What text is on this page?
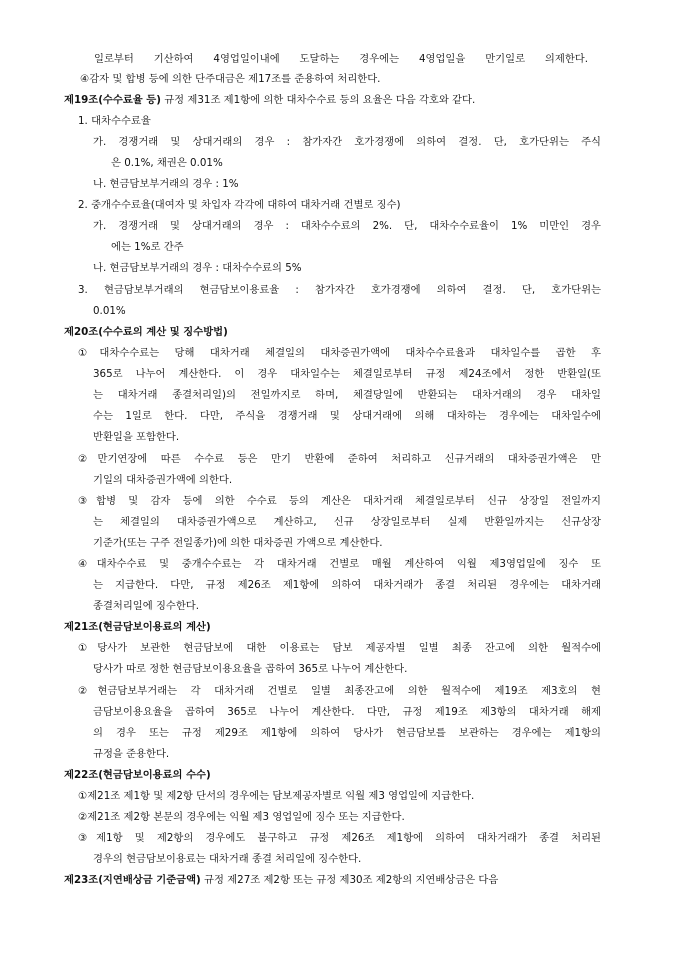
일로부터 기산하여 4영업일이내에 도달하는 경우에는 4영업일을 만기일로 의제한다.
④감자 및 합병 등에 의한 단주대금은 제17조를 준용하여 처리한다.
제19조(수수료율 등) 규정 제31조 제1항에 의한 대차수수료 등의 요율은 다음 각호와 같다.
1. 대차수수료율
가. 경쟁거래 및 상대거래의 경우 : 참가자간 호가경쟁에 의하여 결정. 단, 호가단위는 주식
은 0.1%, 채권은 0.01%
나. 현금담보부거래의 경우 : 1%
2. 중개수수료율(대여자 및 차입자 각각에 대하여 대차거래 건별로 징수)
가. 경쟁거래 및 상대거래의 경우 : 대차수수료의 2%. 단, 대차수수료율이 1% 미만인 경우
에는 1%로 간주
나. 현금담보부거래의 경우 : 대차수수료의 5%
3. 현금담보부거래의 현금담보이용료율 : 참가자간 호가경쟁에 의하여 결정. 단, 호가단위는
0.01%
제20조(수수료의 계산 및 징수방법)
①대차수수료는 당해 대차거래 체결일의 대차증권가액에 대차수수료율과 대차일수를 곱한 후
365로 나누어 계산한다. 이 경우 대차일수는 체결일로부터 규정 제24조에서 정한 반환일(또
는 대차거래 종결처리일)의 전일까지로 하며, 체결당일에 반환되는 대차거래의 경우 대차일
수는 1일로 한다. 다만, 주식을 경쟁거래 및 상대거래에 의해 대차하는 경우에는 대차일수에
반환일을 포함한다.
②만기연장에 따른 수수료 등은 만기 반환에 준하여 처리하고 신규거래의 대차증권가액은 만
기일의 대차증권가액에 의한다.
③합병 및 감자 등에 의한 수수료 등의 계산은 대차거래 체결일로부터 신규 상장일 전일까지
는 체결일의 대차증권가액으로 계산하고, 신규 상장일로부터 실제 반환일까지는 신규상장
기준가(또는 구주 전일종가)에 의한 대차증권 가액으로 계산한다.
④대차수수료 및 중개수수료는 각 대차거래 건별로 매월 계산하여 익월 제3영업일에 징수 또
는 지급한다. 다만, 규정 제26조 제1항에 의하여 대차거래가 종결 처리된 경우에는 대차거래
종결처리일에 징수한다.
제21조(현금담보이용료의 계산)
①당사가 보관한 현금담보에 대한 이용료는 담보 제공자별 일별 최종 잔고에 의한 월적수에
당사가 따로 정한 현금담보이용요율을 곱하여 365로 나누어 계산한다.
②현금담보부거래는 각 대차거래 건별로 일별 최종잔고에 의한 월적수에 제19조 제3호의 현
금담보이용요율을 곱하여 365로 나누어 계산한다. 다만, 규정 제19조 제3항의 대차거래 해제
의 경우 또는 규정 제29조 제1항에 의하여 당사가 현금담보를 보관하는 경우에는 제1항의
규정을 준용한다.
제22조(현금담보이용료의 수수)
①제21조 제1항 및 제2항 단서의 경우에는 담보제공자별로 익월 제3 영업일에 지급한다.
②제21조 제2항 본문의 경우에는 익월 제3 영업일에 징수 또는 지급한다.
③제1항 및 제2항의 경우에도 불구하고 규정 제26조 제1항에 의하여 대차거래가 종결 처리된
경우의 현금담보이용료는 대차거래 종결 처리일에 징수한다.
제23조(지연배상금 기준금액) 규정 제27조 제2항 또는 규정 제30조 제2항의 지연배상금은 다음
